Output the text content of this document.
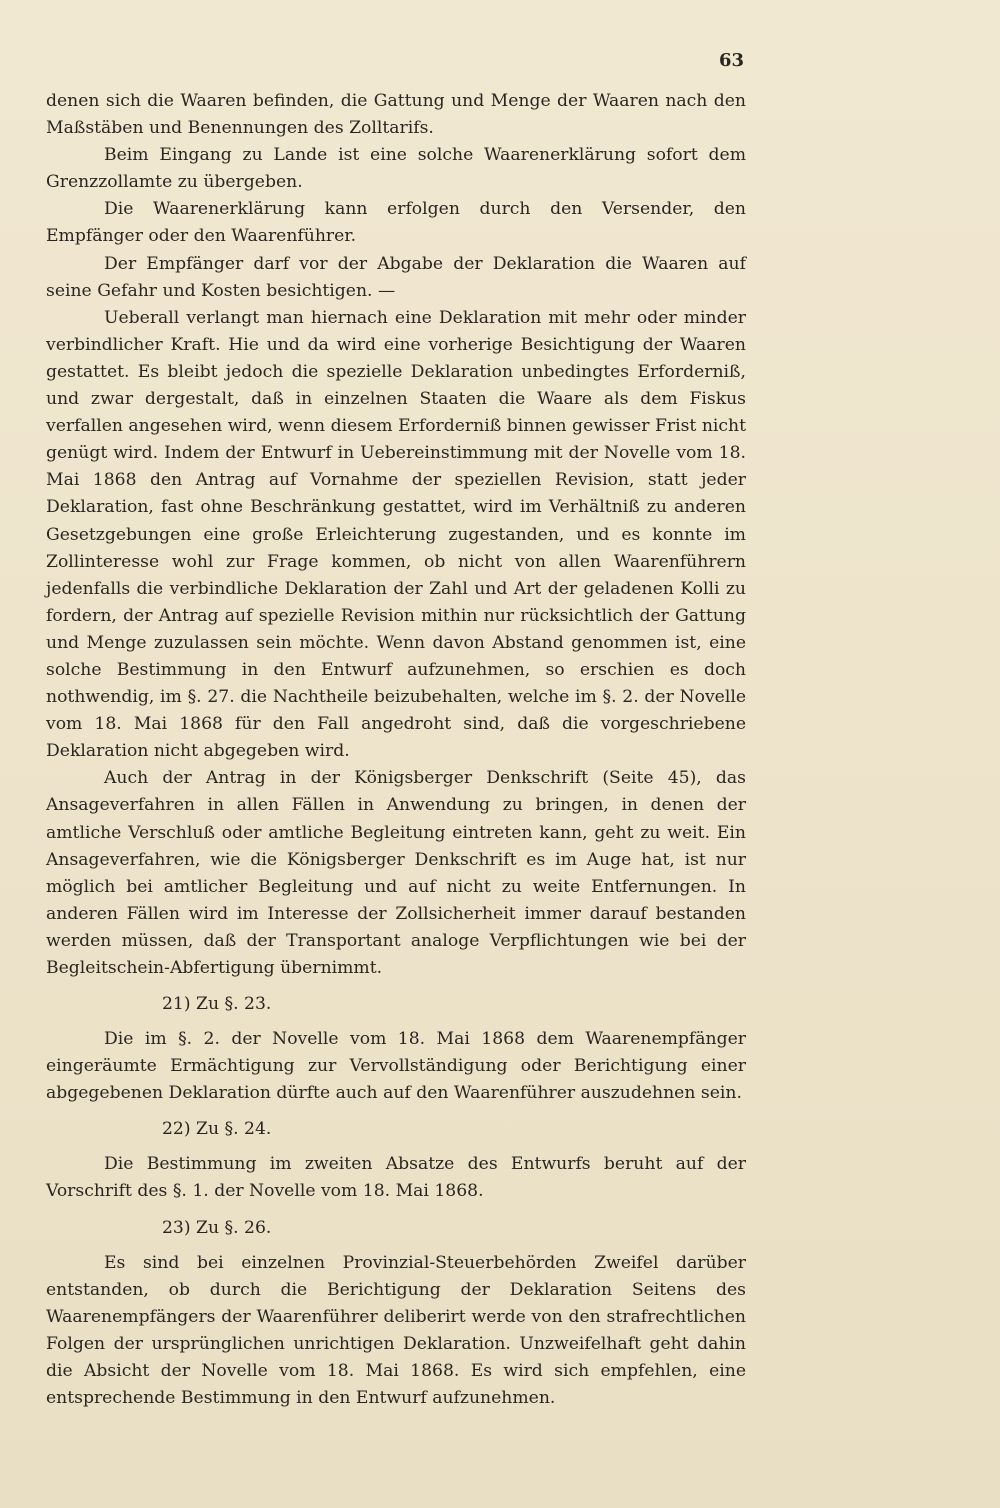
63

denen sich die Waaren befinden, die Gattung und Menge der Waaren nach den Maßstäben und Benennungen des Zolltarifs.

Beim Eingang zu Lande ist eine solche Waarenerklärung sofort dem Grenzzollamte zu übergeben.

Die Waarenerklärung kann erfolgen durch den Versender, den Empfänger oder den Waarenführer.

Der Empfänger darf vor der Abgabe der Deklaration die Waaren auf seine Gefahr und Kosten besichtigen. —

Ueberall verlangt man hiernach eine Deklaration mit mehr oder minder verbindlicher Kraft. Hie und da wird eine vorherige Besichtigung der Waaren gestattet. Es bleibt jedoch die spezielle Deklaration unbedingtes Erforderniß, und zwar dergestalt, daß in einzelnen Staaten die Waare als dem Fiskus verfallen angesehen wird, wenn diesem Erforderniß binnen gewisser Frist nicht genügt wird. Indem der Entwurf in Uebereinstimmung mit der Novelle vom 18. Mai 1868 den Antrag auf Vornahme der speziellen Revision, statt jeder Deklaration, fast ohne Beschränkung gestattet, wird im Verhältniß zu anderen Gesetzgebungen eine große Erleichterung zugestanden, und es konnte im Zollinteresse wohl zur Frage kommen, ob nicht von allen Waarenführern jedenfalls die verbindliche Deklaration der Zahl und Art der geladenen Kolli zu fordern, der Antrag auf spezielle Revision mithin nur rücksichtlich der Gattung und Menge zuzulassen sein möchte. Wenn davon Abstand genommen ist, eine solche Bestimmung in den Entwurf aufzunehmen, so erschien es doch nothwendig, im §. 27. die Nachtheile beizubehalten, welche im §. 2. der Novelle vom 18. Mai 1868 für den Fall angedroht sind, daß die vorgeschriebene Deklaration nicht abgegeben wird.

Auch der Antrag in der Königsberger Denkschrift (Seite 45), das Ansageverfahren in allen Fällen in Anwendung zu bringen, in denen der amtliche Verschluß oder amtliche Begleitung eintreten kann, geht zu weit. Ein Ansageverfahren, wie die Königsberger Denkschrift es im Auge hat, ist nur möglich bei amtlicher Begleitung und auf nicht zu weite Entfernungen. In anderen Fällen wird im Interesse der Zollsicherheit immer darauf bestanden werden müssen, daß der Transportant analoge Verpflichtungen wie bei der Begleitschein-Abfertigung übernimmt.

21) Zu §. 23.

Die im §. 2. der Novelle vom 18. Mai 1868 dem Waarenempfänger eingeräumte Ermächtigung zur Vervollständigung oder Berichtigung einer abgegebenen Deklaration dürfte auch auf den Waarenführer auszudehnen sein.

22) Zu §. 24.

Die Bestimmung im zweiten Absatze des Entwurfs beruht auf der Vorschrift des §. 1. der Novelle vom 18. Mai 1868.

23) Zu §. 26.

Es sind bei einzelnen Provinzial-Steuerbehörden Zweifel darüber entstanden, ob durch die Berichtigung der Deklaration Seitens des Waarenempfängers der Waarenführer deliberirt werde von den strafrechtlichen Folgen der ursprünglichen unrichtigen Deklaration. Unzweifelhaft geht dahin die Absicht der Novelle vom 18. Mai 1868. Es wird sich empfehlen, eine entsprechende Bestimmung in den Entwurf aufzunehmen.
